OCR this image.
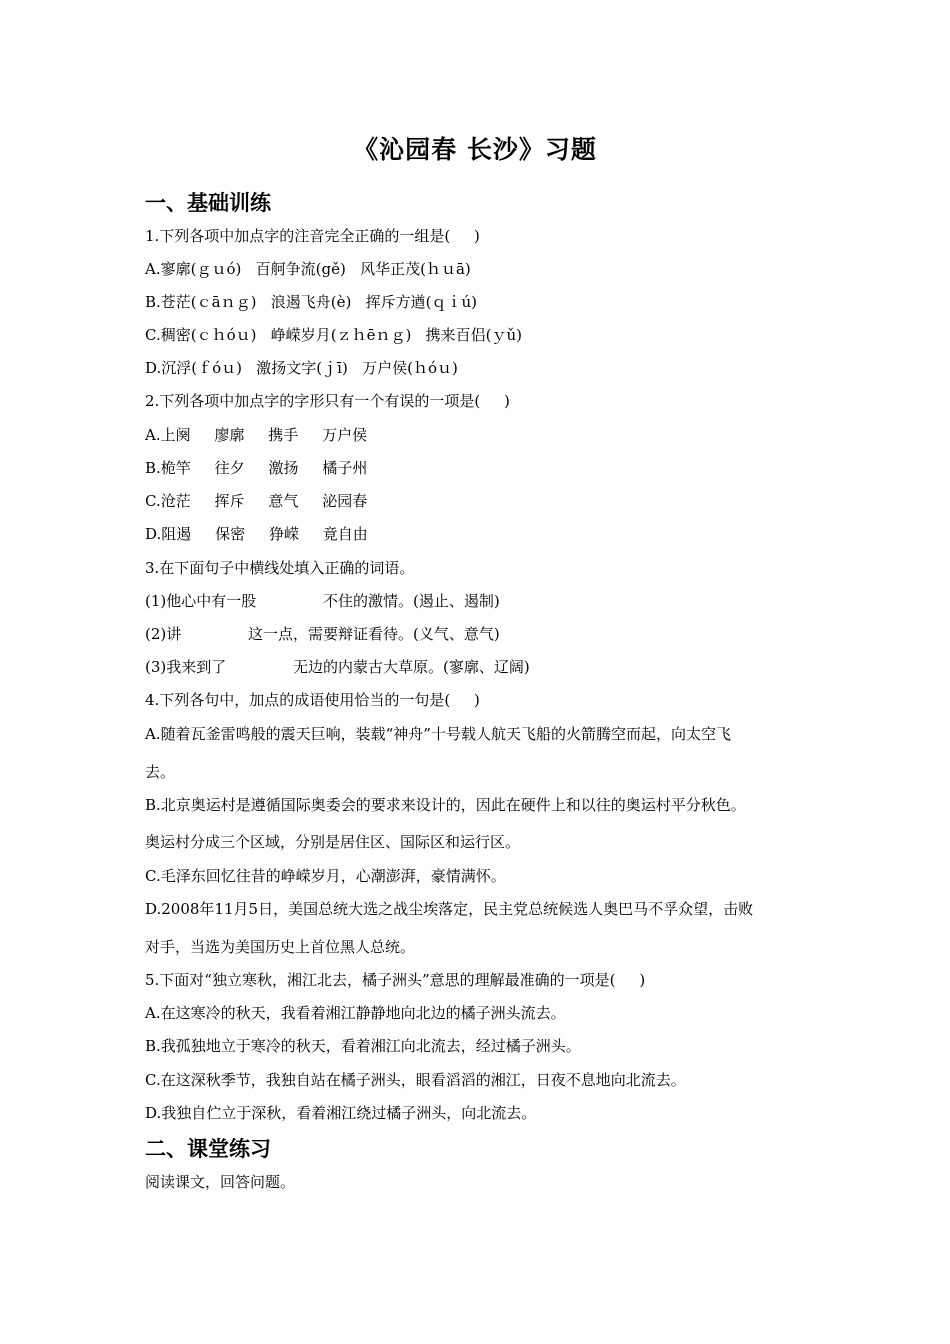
《沁园春 长沙》习题
一、基础训练
1.下列各项中加点字的注音完全正确的一组是(     )
A.寥廓(ｇｕó)   百舸争流(gě)   风华正茂(ｈｕā)
B.苍茫(ｃāｎｇ)   浪遏飞舟(è)   挥斥方遒(ｑｉú)
C.稠密(ｃｈóｕ)   峥嵘岁月(ｚｈēｎｇ)   携来百侣(ｙǔ)
D.沉浮(ｆóｕ)   激扬文字(ｊī)   万户侯(ｈóｕ)
2.下列各项中加点字的字形只有一个有误的一项是(     )
A.上阕     廖廓     携手     万户侯
B.桅竿     往夕     激扬     橘子州
C.沧茫     挥斥     意气     泌园春
D.阻遏     保密     狰嵘     竟自由
3.在下面句子中横线处填入正确的词语。
(1)他心中有一股              不住的激情。(遏止、遏制)
(2)讲              这一点，需要辩证看待。(义气、意气)
(3)我来到了              无边的内蒙古大草原。(寥廓、辽阔)
4.下列各句中，加点的成语使用恰当的一句是(     )
A.随着瓦釜雷鸣般的震天巨响，装载“神舟”十号载人航天飞船的火箭腾空而起，向太空飞
去。
B.北京奥运村是遵循国际奥委会的要求来设计的，因此在硬件上和以往的奥运村平分秋色。
奥运村分成三个区域，分别是居住区、国际区和运行区。
C.毛泽东回忆往昔的峥嵘岁月，心潮澎湃，豪情满怀。
D.2008年11月5日，美国总统大选之战尘埃落定，民主党总统候选人奥巴马不孚众望，击败
对手，当选为美国历史上首位黑人总统。
5.下面对“独立寒秋，湘江北去，橘子洲头”意思的理解最准确的一项是(     )
A.在这寒冷的秋天，我看着湘江静静地向北边的橘子洲头流去。
B.我孤独地立于寒冷的秋天，看着湘江向北流去，经过橘子洲头。
C.在这深秋季节，我独自站在橘子洲头，眼看滔滔的湘江，日夜不息地向北流去。
D.我独自伫立于深秋，看着湘江绕过橘子洲头，向北流去。
二、课堂练习
阅读课文，回答问题。
